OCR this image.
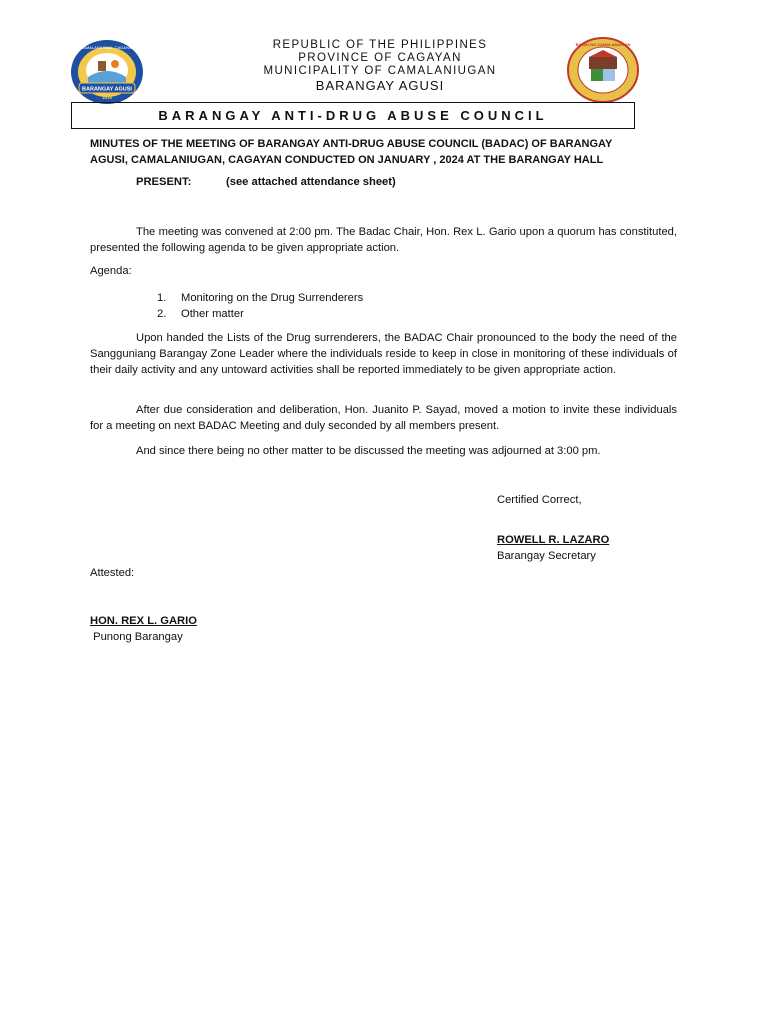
BARANGAY AGUSI
1616
CAMALANIUGAN, CAGAYAN	REPUBLIC OF THE PHILIPPINES
PROVINCE OF CAGAYAN
MUNICIPALITY OF CAMALANIUGAN
BARANGAY AGUSI
BAYAN NG CAMALANIUGAN
BARANGAY ANTI-DRUG ABUSE COUNCIL
MINUTES OF THE MEETING OF BARANGAY ANTI-DRUG ABUSE COUNCIL (BADAC) OF BARANGAY AGUSI, CAMALANIUGAN, CAGAYAN CONDUCTED ON JANUARY , 2024 AT THE BARANGAY HALL
PRESENT:	(see attached attendance sheet)
The meeting was convened at 2:00 pm. The Badac Chair, Hon. Rex L. Gario upon a quorum has constituted, presented the following agenda to be given appropriate action.
Agenda:
1.	Monitoring on the Drug Surrenderers
2.	Other matter
Upon handed the Lists of the Drug surrenderers, the BADAC Chair pronounced to the body the need of the Sangguniang Barangay Zone Leader where the individuals reside to keep in close in monitoring of these individuals of their daily activity and any untoward activities shall be reported immediately to be given appropriate action.
After due consideration and deliberation, Hon. Juanito P. Sayad, moved a motion to invite these individuals for a meeting on next BADAC Meeting and duly seconded by all members present.
And since there being no other matter to be discussed the meeting was adjourned at 3:00 pm.
Certified Correct,
ROWELL R. LAZARO
Barangay Secretary
Attested:
HON. REX L. GARIO
Punong Barangay
